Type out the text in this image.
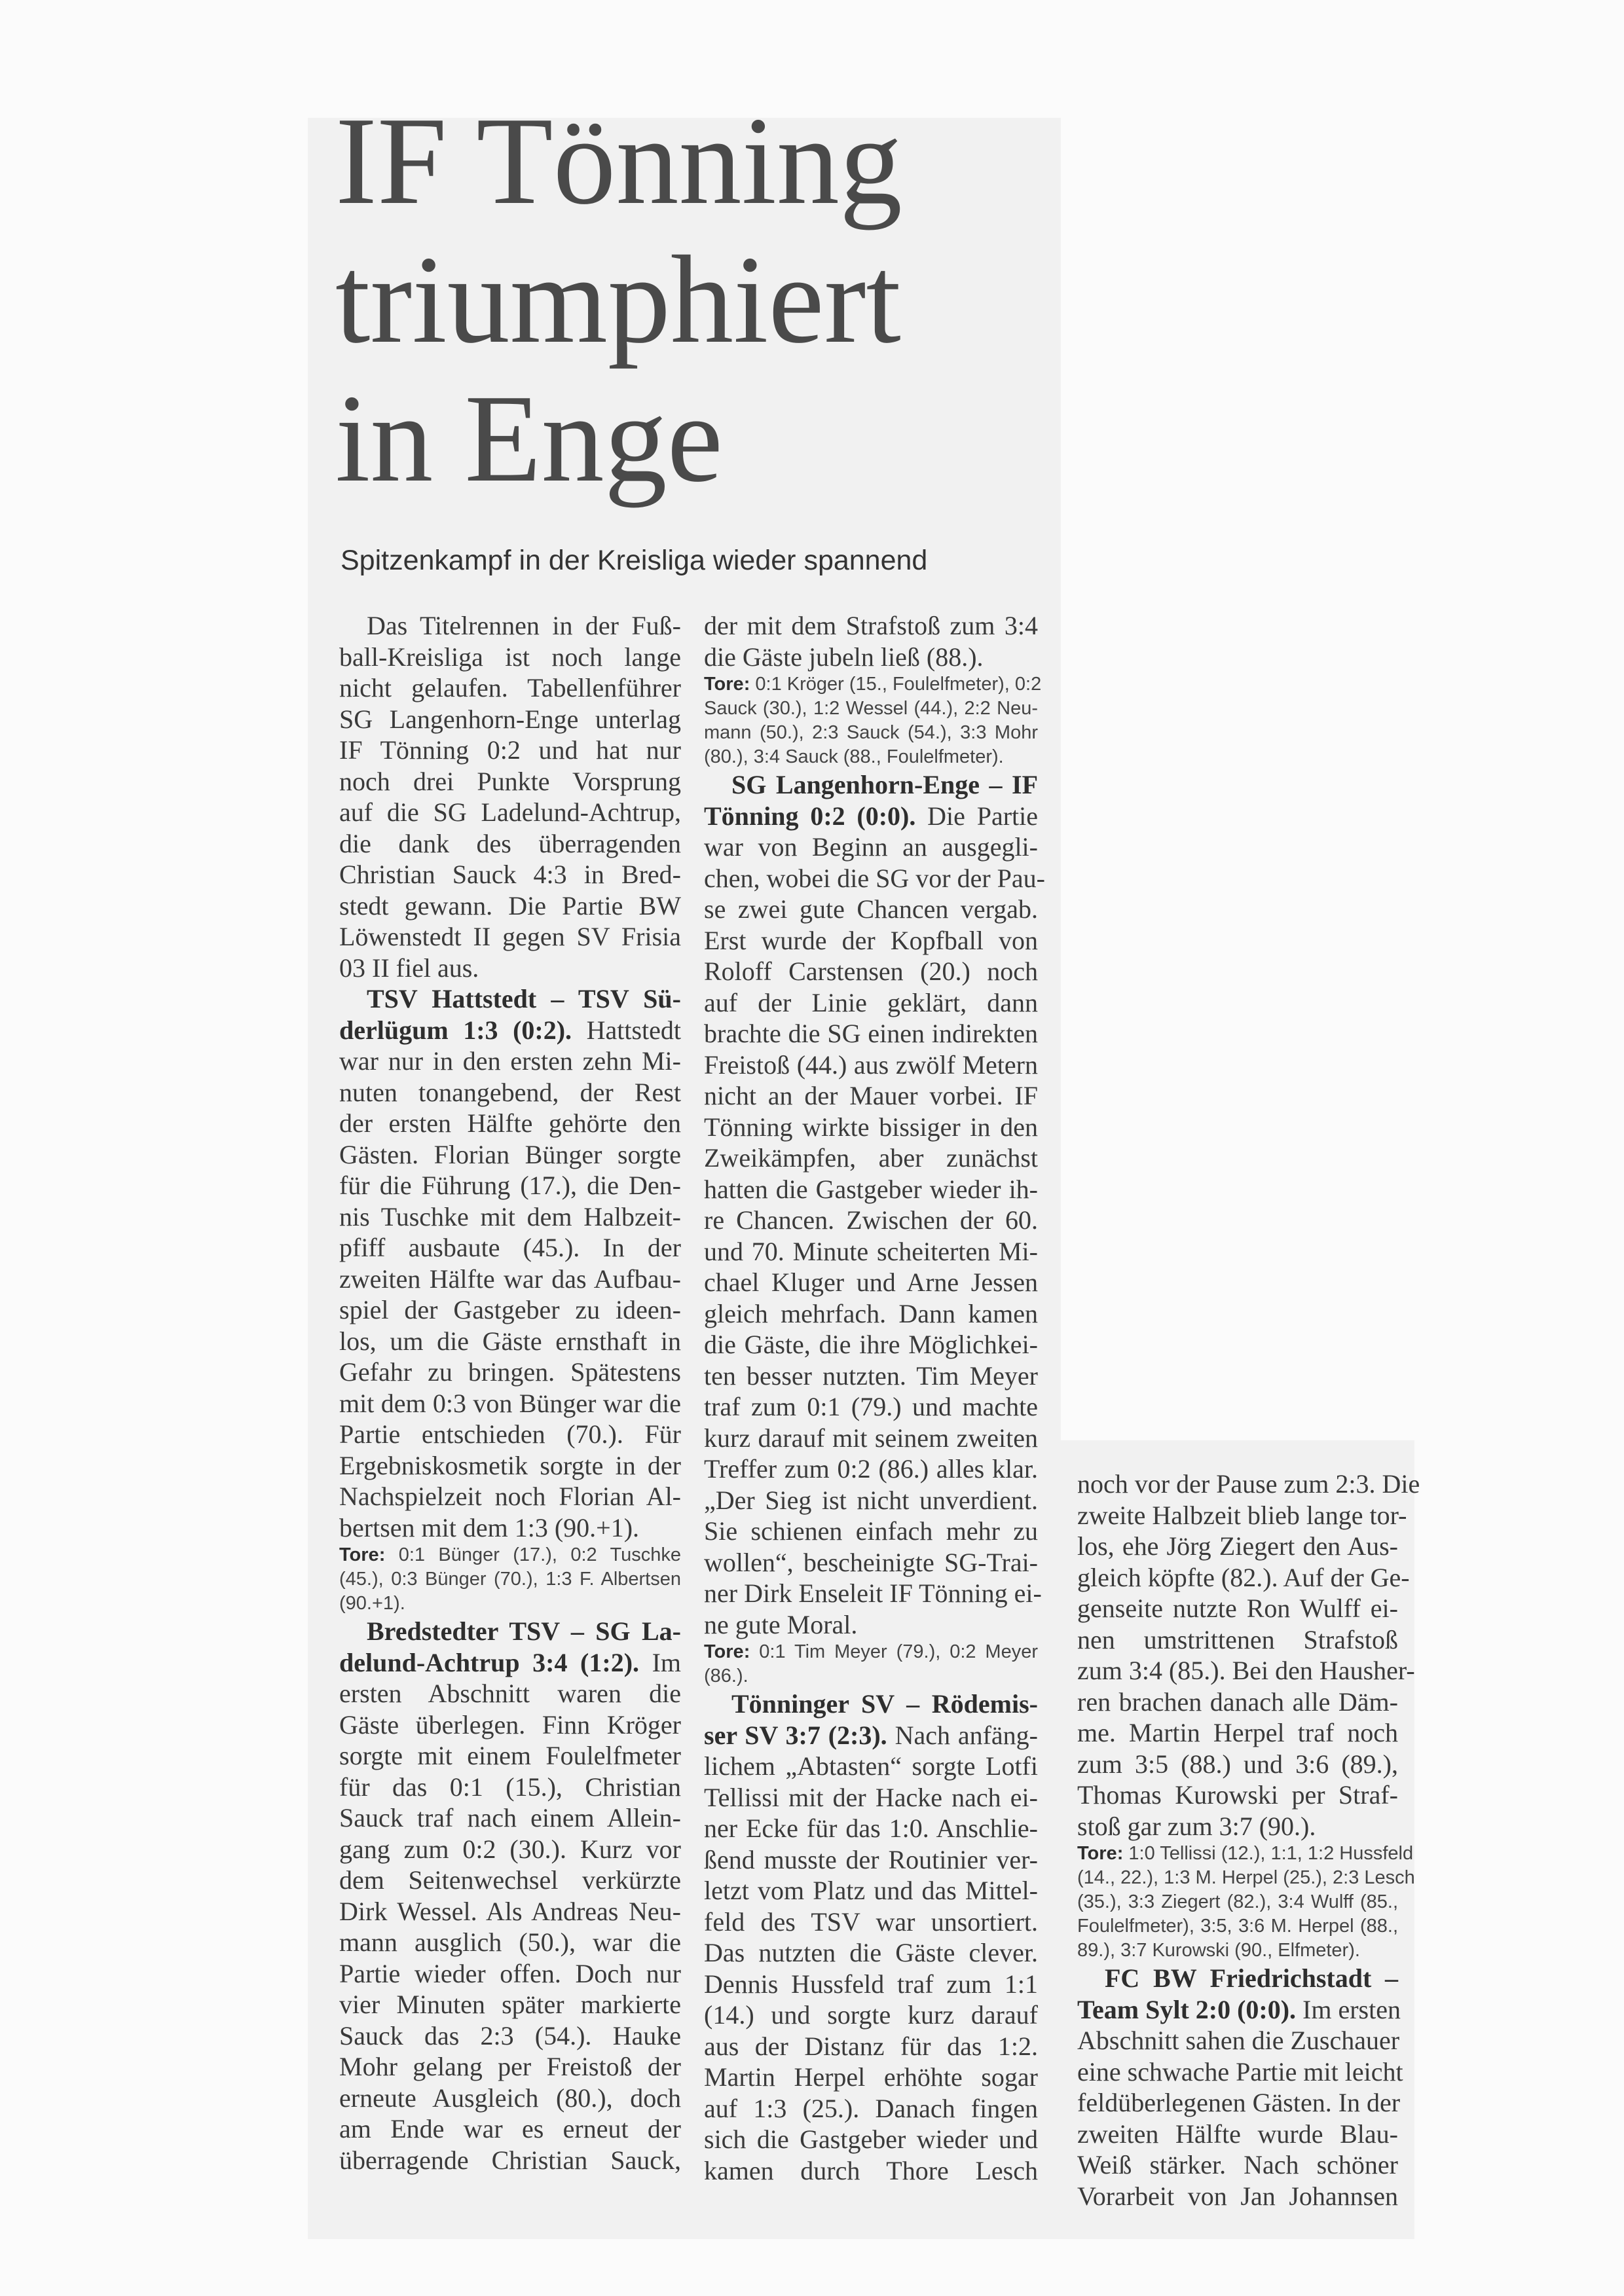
IF Tönning
triumphiert
in Enge
Spitzenkampf in der Kreisliga wieder spannend
Das Titelrennen in der Fuß-
ball-Kreisliga ist noch lange
nicht gelaufen. Tabellenführer
SG Langenhorn-Enge unterlag
IF Tönning 0:2 und hat nur
noch drei Punkte Vorsprung
auf die SG Ladelund-Achtrup,
die dank des überragenden
Christian Sauck 4:3 in Bred-
stedt gewann. Die Partie BW
Löwenstedt II gegen SV Frisia
03 II fiel aus.
TSV Hattstedt – TSV Sü-
derlügum 1:3 (0:2). Hattstedt
war nur in den ersten zehn Mi-
nuten tonangebend, der Rest
der ersten Hälfte gehörte den
Gästen. Florian Bünger sorgte
für die Führung (17.), die Den-
nis Tuschke mit dem Halbzeit-
pfiff ausbaute (45.). In der
zweiten Hälfte war das Aufbau-
spiel der Gastgeber zu ideen-
los, um die Gäste ernsthaft in
Gefahr zu bringen. Spätestens
mit dem 0:3 von Bünger war die
Partie entschieden (70.). Für
Ergebniskosmetik sorgte in der
Nachspielzeit noch Florian Al-
bertsen mit dem 1:3 (90.+1).
Tore: 0:1 Bünger (17.), 0:2 Tuschke
(45.), 0:3 Bünger (70.), 1:3 F. Albertsen
(90.+1).
Bredstedter TSV – SG La-
delund-Achtrup 3:4 (1:2). Im
ersten Abschnitt waren die
Gäste überlegen. Finn Kröger
sorgte mit einem Foulelfmeter
für das 0:1 (15.), Christian
Sauck traf nach einem Allein-
gang zum 0:2 (30.). Kurz vor
dem Seitenwechsel verkürzte
Dirk Wessel. Als Andreas Neu-
mann ausglich (50.), war die
Partie wieder offen. Doch nur
vier Minuten später markierte
Sauck das 2:3 (54.). Hauke
Mohr gelang per Freistoß der
erneute Ausgleich (80.), doch
am Ende war es erneut der
überragende Christian Sauck,
der mit dem Strafstoß zum 3:4
die Gäste jubeln ließ (88.).
Tore: 0:1 Kröger (15., Foulelfmeter), 0:2
Sauck (30.), 1:2 Wessel (44.), 2:2 Neu-
mann (50.), 2:3 Sauck (54.), 3:3 Mohr
(80.), 3:4 Sauck (88., Foulelfmeter).
SG Langenhorn-Enge – IF
Tönning 0:2 (0:0). Die Partie
war von Beginn an ausgegli-
chen, wobei die SG vor der Pau-
se zwei gute Chancen vergab.
Erst wurde der Kopfball von
Roloff Carstensen (20.) noch
auf der Linie geklärt, dann
brachte die SG einen indirekten
Freistoß (44.) aus zwölf Metern
nicht an der Mauer vorbei. IF
Tönning wirkte bissiger in den
Zweikämpfen, aber zunächst
hatten die Gastgeber wieder ih-
re Chancen. Zwischen der 60.
und 70. Minute scheiterten Mi-
chael Kluger und Arne Jessen
gleich mehrfach. Dann kamen
die Gäste, die ihre Möglichkei-
ten besser nutzten. Tim Meyer
traf zum 0:1 (79.) und machte
kurz darauf mit seinem zweiten
Treffer zum 0:2 (86.) alles klar.
„Der Sieg ist nicht unverdient.
Sie schienen einfach mehr zu
wollen“, bescheinigte SG-Trai-
ner Dirk Enseleit IF Tönning ei-
ne gute Moral.
Tore: 0:1 Tim Meyer (79.), 0:2 Meyer
(86.).
Tönninger SV – Rödemis-
ser SV 3:7 (2:3). Nach anfäng-
lichem „Abtasten“ sorgte Lotfi
Tellissi mit der Hacke nach ei-
ner Ecke für das 1:0. Anschlie-
ßend musste der Routinier ver-
letzt vom Platz und das Mittel-
feld des TSV war unsortiert.
Das nutzten die Gäste clever.
Dennis Hussfeld traf zum 1:1
(14.) und sorgte kurz darauf
aus der Distanz für das 1:2.
Martin Herpel erhöhte sogar
auf 1:3 (25.). Danach fingen
sich die Gastgeber wieder und
kamen durch Thore Lesch
noch vor der Pause zum 2:3. Die
zweite Halbzeit blieb lange tor-
los, ehe Jörg Ziegert den Aus-
gleich köpfte (82.). Auf der Ge-
genseite nutzte Ron Wulff ei-
nen umstrittenen Strafstoß
zum 3:4 (85.). Bei den Hausher-
ren brachen danach alle Däm-
me. Martin Herpel traf noch
zum 3:5 (88.) und 3:6 (89.),
Thomas Kurowski per Straf-
stoß gar zum 3:7 (90.).
Tore: 1:0 Tellissi (12.), 1:1, 1:2 Hussfeld
(14., 22.), 1:3 M. Herpel (25.), 2:3 Lesch
(35.), 3:3 Ziegert (82.), 3:4 Wulff (85.,
Foulelfmeter), 3:5, 3:6 M. Herpel (88.,
89.), 3:7 Kurowski (90., Elfmeter).
FC BW Friedrichstadt –
Team Sylt 2:0 (0:0). Im ersten
Abschnitt sahen die Zuschauer
eine schwache Partie mit leicht
feldüberlegenen Gästen. In der
zweiten Hälfte wurde Blau-
Weiß stärker. Nach schöner
Vorarbeit von Jan Johannsen
